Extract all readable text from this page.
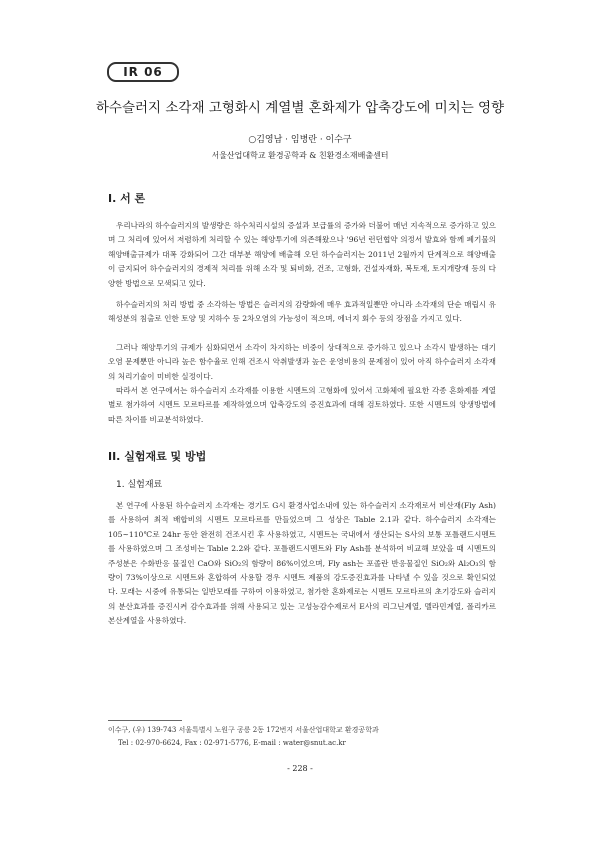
IR 06
하수슬러지 소각재 고형화시 계열별 혼화제가 압축강도에 미치는 영향
○김영남 · 임병란 · 이수구
서울산업대학교 환경공학과 & 친환경소재배출센터
I. 서 론

우리나라의 하수슬러지의 발생량은 하수처리시설의 증설과 보급률의 증가와 더불어 매년 지속적으로 증가하고 있으며 그 처리에 있어서 저렴하게 처리할 수 있는 해양투기에 의존해왔으나 '96년 런던협약 의정서 발효와 함께 폐기물의 해양배출규제가 대폭 강화되어 그간 대부분 해양에 배출해 오던 하수슬러지는 2011년 2월까지 단계적으로 해양배출이 금지되어 하수슬러지의 경제적 처리를 위해 소각 및 퇴비화, 건조, 고형화, 건설자재화, 복토재, 토지개량재 등의 다양한 방법으로 모색되고 있다.

하수슬러지의 처리 방법 중 소각하는 방법은 슬러지의 감량화에 매우 효과적일뿐만 아니라 소각재의 단순 매립시 유해성분의 침출로 인한 토양 및 지하수 등 2차오염의 가능성이 적으며, 에너지 회수 등의 장점을 가지고 있다.

그러나 해양투기의 규제가 심화되면서 소각이 차지하는 비중이 상대적으로 증가하고 있으나 소각시 발생하는 대기오염 문제뿐만 아니라 높은 함수율로 인해 건조시 악취발생과 높은 운영비용의 문제점이 있어 아직 하수슬러지 소각재의 처리기술이 미비한 실정이다.

따라서 본 연구에서는 하수슬러지 소각재를 이용한 시멘트의 고형화에 있어서 고화체에 필요한 각종 혼화제를 계열별로 첨가하여 시멘트 모르타르를 제작하였으며 압축강도의 증진효과에 대해 검토하였다. 또한 시멘트의 양생방법에 따른 차이를 비교분석하였다.

II. 실험재료 및 방법
1. 실험재료

본 연구에 사용된 하수슬러지 소각재는 경기도 G시 환경사업소내에 있는 하수슬러지 소각재로서 비산재(Fly Ash)를 사용하여 최적 배합비의 시멘트 모르타르를 만들었으며 그 성상은 Table 2.1과 같다. 하수슬러지 소각재는 105~110℃로 24hr 동안 완전히 건조시킨 후 사용하였고, 시멘트는 국내에서 생산되는 S사의 보통 포틀랜드시멘트를 사용하였으며 그 조성비는 Table 2.2와 같다. 포틀랜드시멘트와 Fly Ash를 분석하여 비교해 보았을 때 시멘트의 주성분은 수화반응 물질인 CaO와 SiO₂의 함량이 86%이었으며, Fly ash는 포졸란 반응물질인 SiO₂와 Al₂O₃의 함량이 73%이상으로 시멘트와 혼합하여 사용할 경우 시멘트 제품의 강도증진효과를 나타낼 수 있을 것으로 확인되었다. 모래는 시중에 유통되는 일반모래를 구하여 이용하였고, 첨가한 혼화제로는 시멘트 모르타르의 초기강도와 슬러지의 분산효과를 증진시켜 감수효과를 위해 사용되고 있는 고성능감수제로서 E사의 리그닌계열, 멜라민계열, 폴리카르본산계열을 사용하였다.

이수구, (우) 139-743 서울특별시 노원구 공릉 2동 172번지 서울산업대학교 환경공학과
Tel : 02-970-6624, Fax : 02-971-5776, E-mail : water@snut.ac.kr
- 228 -
